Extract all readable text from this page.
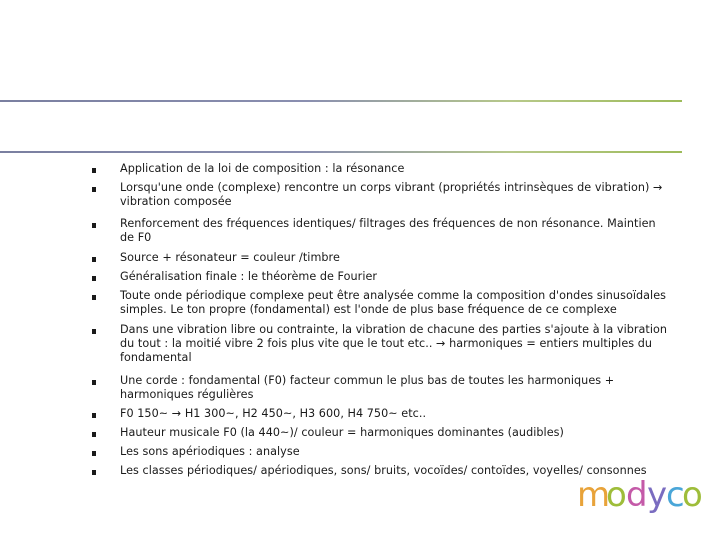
Application de la loi de composition : la résonance
Lorsqu'une onde (complexe) rencontre un corps vibrant (propriétés intrinsèques de vibration) → vibration composée
Renforcement des fréquences identiques/ filtrages des fréquences de non résonance. Maintien de F0
Source + résonateur = couleur /timbre
Généralisation finale : le théorème de Fourier
Toute onde périodique complexe peut être analysée comme la composition d'ondes sinusoïdales simples. Le ton propre (fondamental) est l'onde de plus base fréquence de ce complexe
Dans une vibration libre ou contrainte, la vibration de chacune des parties s'ajoute à la vibration du tout : la moitié vibre 2 fois plus vite que le tout etc.. → harmoniques = entiers multiples du fondamental
Une corde : fondamental (F0) facteur commun le plus bas de toutes les harmoniques + harmoniques régulières
F0 150~ → H1 300~, H2 450~, H3 600, H4 750~ etc..
Hauteur musicale F0 (la 440~)/ couleur = harmoniques dominantes (audibles)
Les sons apériodiques : analyse
Les classes périodiques/ apériodiques, sons/ bruits, vocoïdes/ contoïdes, voyelles/ consonnes
m
o d y
c
o
